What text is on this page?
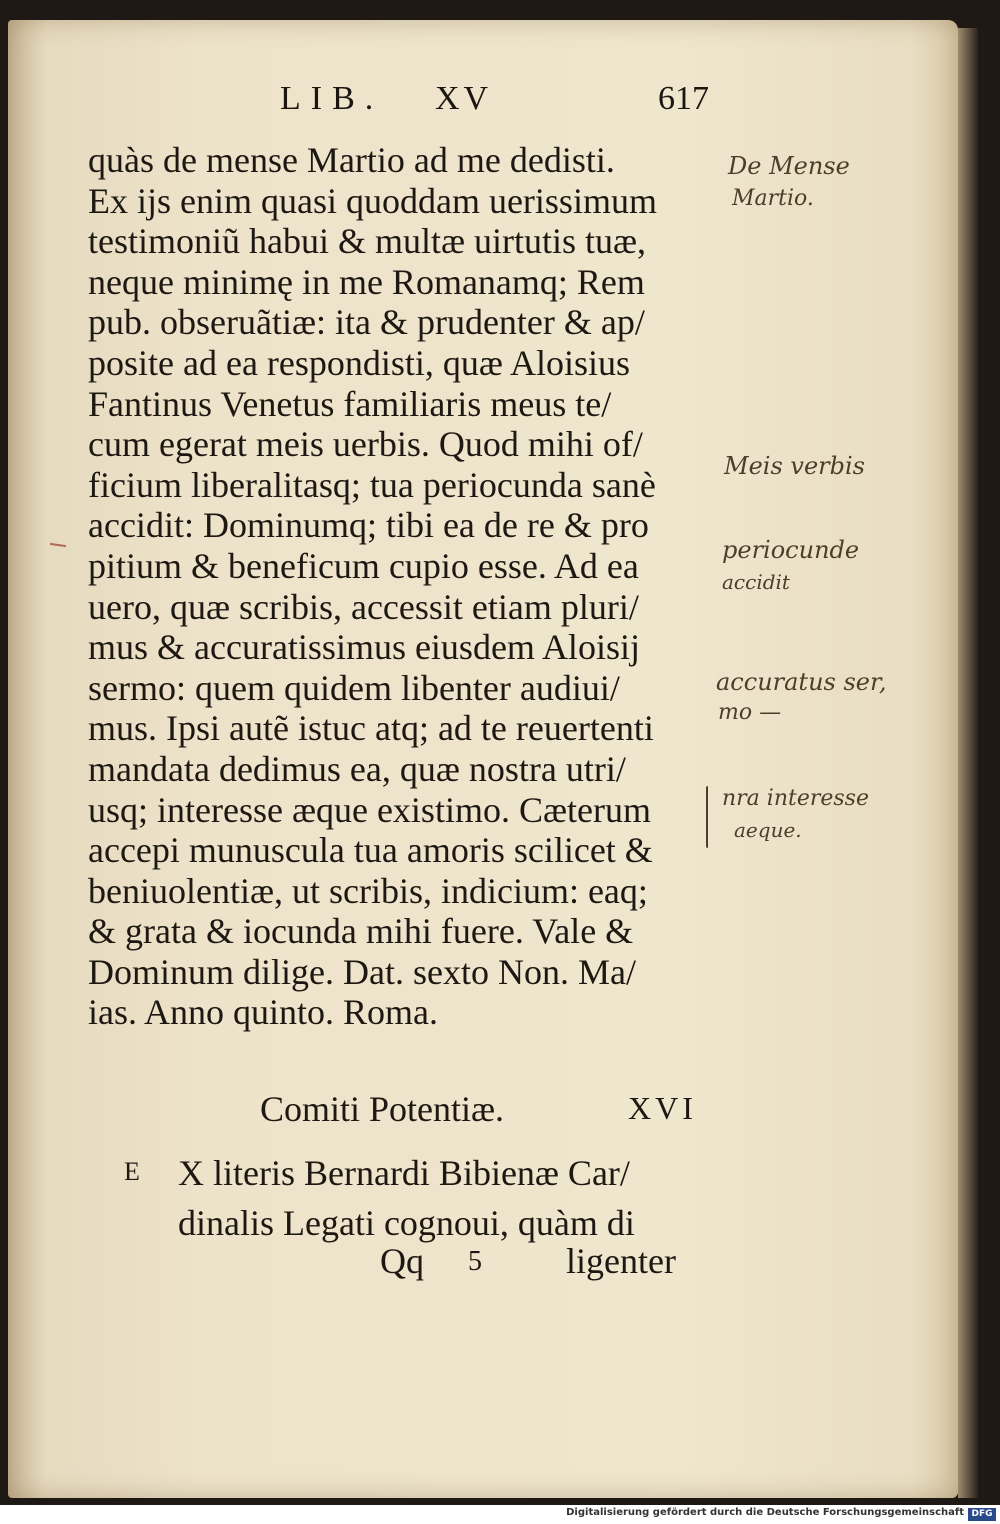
LIB. XV	617
quàs de mense Martio ad me dedisti.
Ex ijs enim quasi quoddam uerissimum
testimoniũ habui & multæ uirtutis tuæ,
neque minimę in me Romanamq; Rem
pub. obseruãtiæ: ita & prudenter & ap/
posite ad ea respondisti, quæ Aloisius
Fantinus Venetus familiaris meus te/
cum egerat meis uerbis. Quod mihi of/
ficium liberalitasq; tua periocunda sanè
accidit: Dominumq; tibi ea de re & pro
pitium & beneficum cupio esse. Ad ea
uero, quæ scribis, accessit etiam pluri/
mus & accuratissimus eiusdem Aloisij
sermo: quem quidem libenter audiui/
mus. Ipsi autẽ istuc atq; ad te reuertenti
mandata dedimus ea, quæ nostra utri/
usq; interesse æque existimo. Cæterum
accepi munuscula tua amoris scilicet &
beniuolentiæ, ut scribis, indicium: eaq;
& grata & iocunda mihi fuere. Vale &
Dominum dilige. Dat. sexto Non. Ma/
ias. Anno quinto. Roma.
De Mense
Martio.
Meis verbis
periocunde
accidit
accuratus ser,
mo —
nra interesse
aeque.
Comiti Potentiæ.	XVI
E X literis Bernardi Bibienæ Car/
dinalis Legati cognoui, quàm di
Qq 5 ligenter
Digitalisierung gefördert durch die Deutsche Forschungsgemeinschaft DFG
